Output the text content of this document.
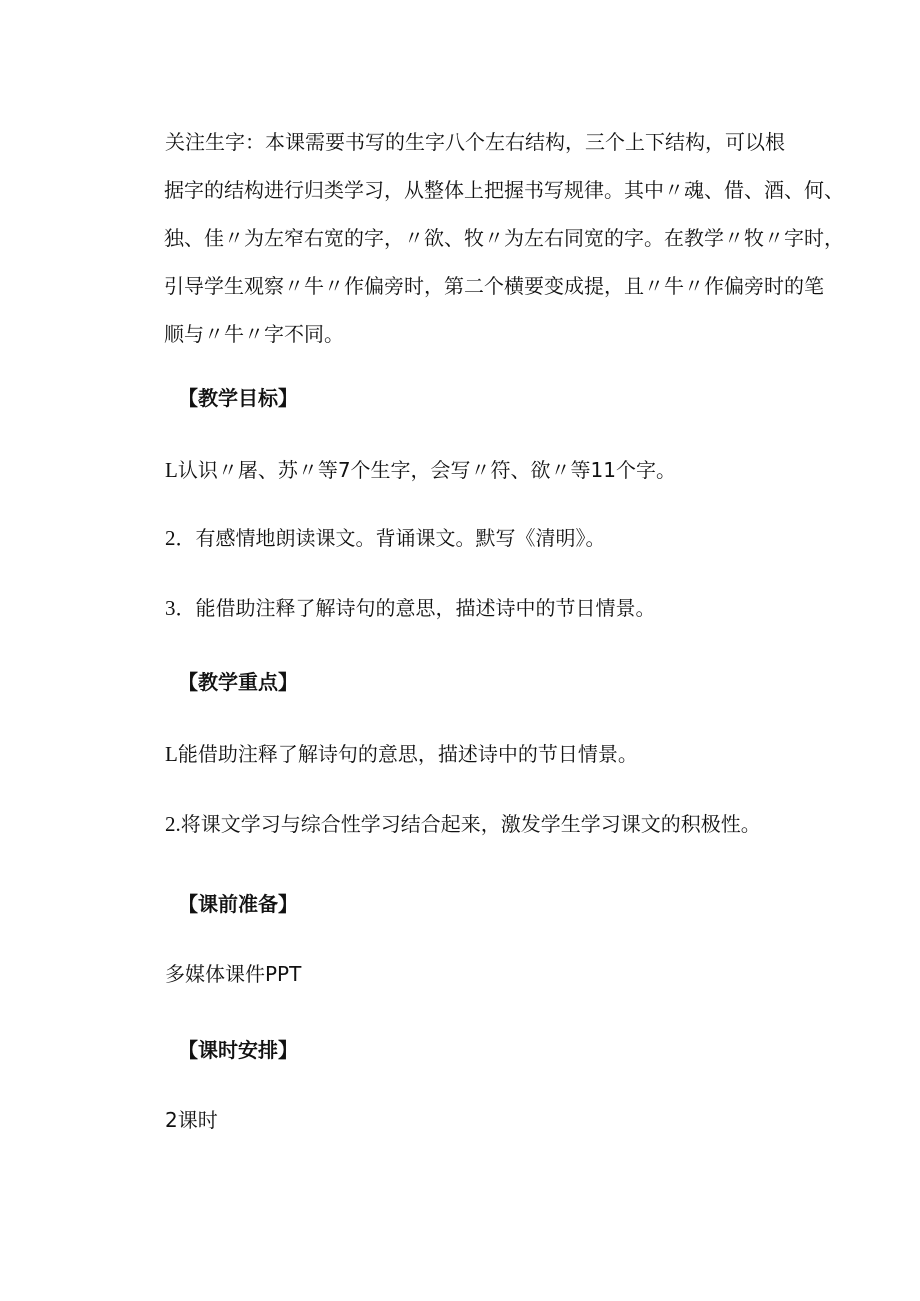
关注生字：本课需要书写的生字八个左右结构，三个上下结构，可以根
据字的结构进行归类学习，从整体上把握书写规律。其中〃魂、借、酒、何、
独、佳〃为左窄右宽的字，〃欲、牧〃为左右同宽的字。在教学〃牧〃字时，
引导学生观察〃牛〃作偏旁时，第二个横要变成提，且〃牛〃作偏旁时的笔
顺与〃牛〃字不同。
【教学目标】

L认识〃屠、苏〃等7个生字，会写〃符、欲〃等11个字。

2．有感情地朗读课文。背诵课文。默写《清明》。

3．能借助注释了解诗句的意思，描述诗中的节日情景。

【教学重点】

L能借助注释了解诗句的意思，描述诗中的节日情景。

2.将课文学习与综合性学习结合起来，激发学生学习课文的积极性。

【课前准备】

多媒体课件PPT

【课时安排】

2课时
